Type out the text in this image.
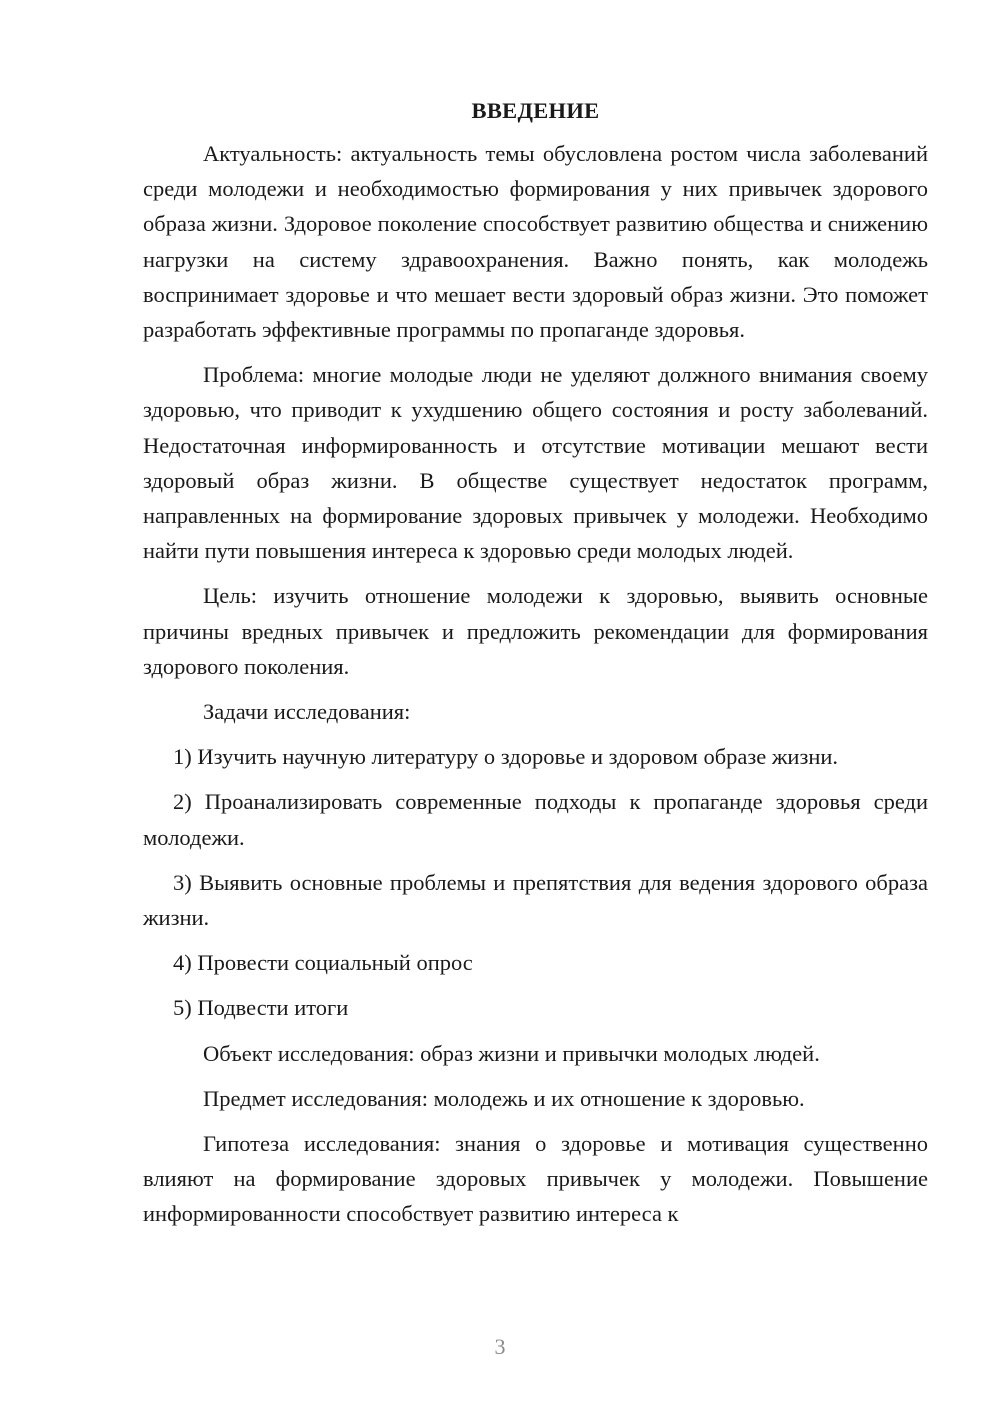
ВВЕДЕНИЕ

Актуальность: актуальность темы обусловлена ростом числа заболеваний среди молодежи и необходимостью формирования у них привычек здорового образа жизни. Здоровое поколение способствует развитию общества и снижению нагрузки на систему здравоохранения. Важно понять, как молодежь воспринимает здоровье и что мешает вести здоровый образ жизни. Это поможет разработать эффективные программы по пропаганде здоровья.

Проблема: многие молодые люди не уделяют должного внимания своему здоровью, что приводит к ухудшению общего состояния и росту заболеваний. Недостаточная информированность и отсутствие мотивации мешают вести здоровый образ жизни. В обществе существует недостаток программ, направленных на формирование здоровых привычек у молодежи. Необходимо найти пути повышения интереса к здоровью среди молодых людей.

Цель: изучить отношение молодежи к здоровью, выявить основные причины вредных привычек и предложить рекомендации для формирования здорового поколения.

Задачи исследования:

1) Изучить научную литературу о здоровье и здоровом образе жизни.

2) Проанализировать современные подходы к пропаганде здоровья среди молодежи.

3) Выявить основные проблемы и препятствия для ведения здорового образа жизни.

4) Провести социальный опрос

5) Подвести итоги

Объект исследования: образ жизни и привычки молодых людей.

Предмет исследования: молодежь и их отношение к здоровью.

Гипотеза исследования: знания о здоровье и мотивация существенно влияют на формирование здоровых привычек у молодежи. Повышение информированности способствует развитию интереса к

3
